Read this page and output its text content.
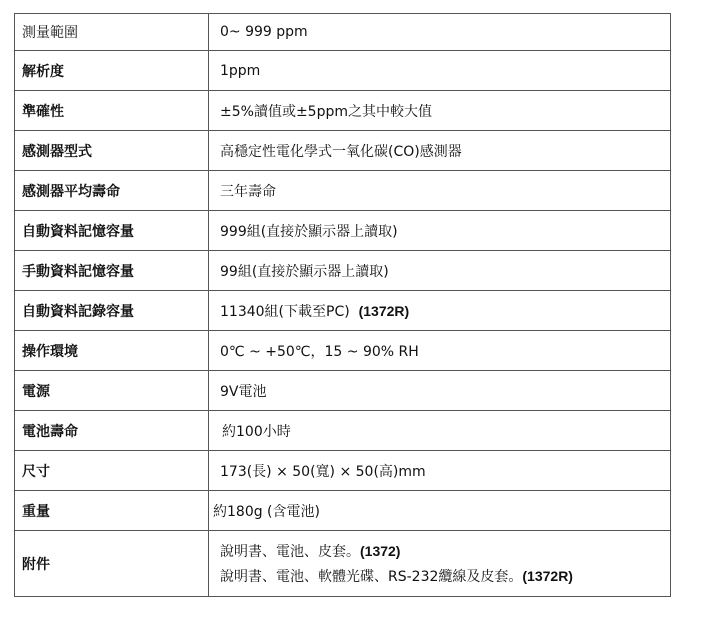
測量範圍	0~ 999 ppm
解析度	1ppm
準確性	±5%讀值或±5ppm之其中較大值
感測器型式	高穩定性電化學式一氧化碳(CO)感測器
感測器平均壽命	三年壽命
自動資料記憶容量	999組(直接於顯示器上讀取)
手動資料記憶容量	99組(直接於顯示器上讀取)
自動資料記錄容量	11340組(下載至PC) (1372R)
操作環境	0℃ ~ +50℃，15 ~ 90% RH
電源	9V電池
電池壽命	約100小時
尺寸	173(長) × 50(寬) × 50(高)mm
重量	約180g (含電池)
附件	說明書、電池、皮套。(1372)
說明書、電池、軟體光碟、RS-232纜線及皮套。(1372R)
